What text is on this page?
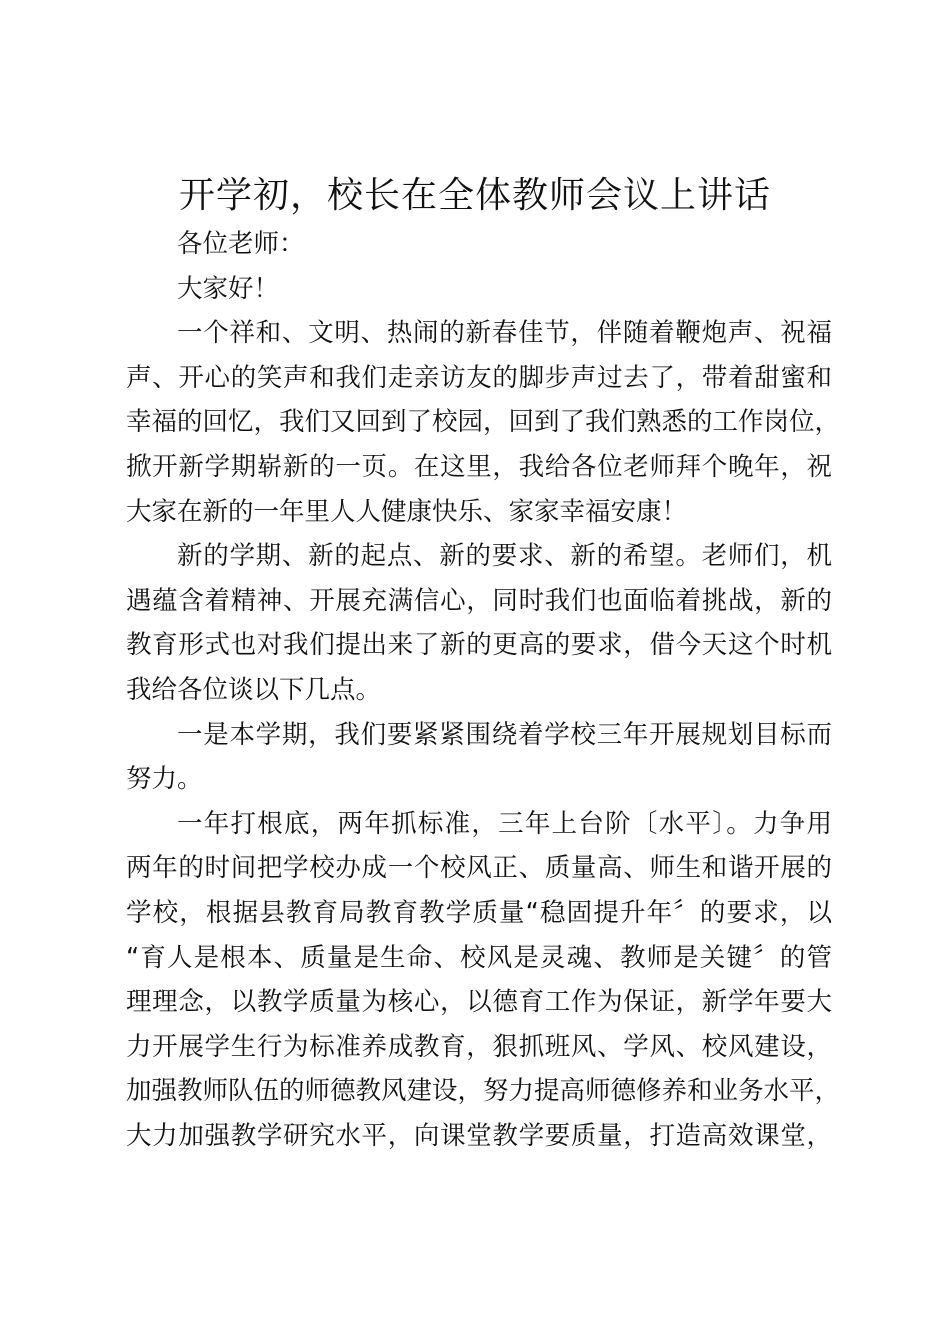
开学初，校长在全体教师会议上讲话
各位老师：
大家好！
一个祥和、文明、热闹的新春佳节，伴随着鞭炮声、祝福
声、开心的笑声和我们走亲访友的脚步声过去了，带着甜蜜和
幸福的回忆，我们又回到了校园，回到了我们熟悉的工作岗位，
掀开新学期崭新的一页。在这里，我给各位老师拜个晚年，祝
大家在新的一年里人人健康快乐、家家幸福安康！
新的学期、新的起点、新的要求、新的希望。老师们，机
遇蕴含着精神、开展充满信心，同时我们也面临着挑战，新的
教育形式也对我们提出来了新的更高的要求，借今天这个时机
我给各位谈以下几点。
一是本学期，我们要紧紧围绕着学校三年开展规划目标而
努力。
一年打根底，两年抓标准，三年上台阶〔水平〕。力争用
两年的时间把学校办成一个校风正、质量高、师生和谐开展的
学校，根据县教育局教育教学质量“稳固提升年〞的要求，以
“育人是根本、质量是生命、校风是灵魂、教师是关键〞的管
理理念，以教学质量为核心，以德育工作为保证，新学年要大
力开展学生行为标准养成教育，狠抓班风、学风、校风建设，
加强教师队伍的师德教风建设，努力提高师德修养和业务水平，
大力加强教学研究水平，向课堂教学要质量，打造高效课堂，
